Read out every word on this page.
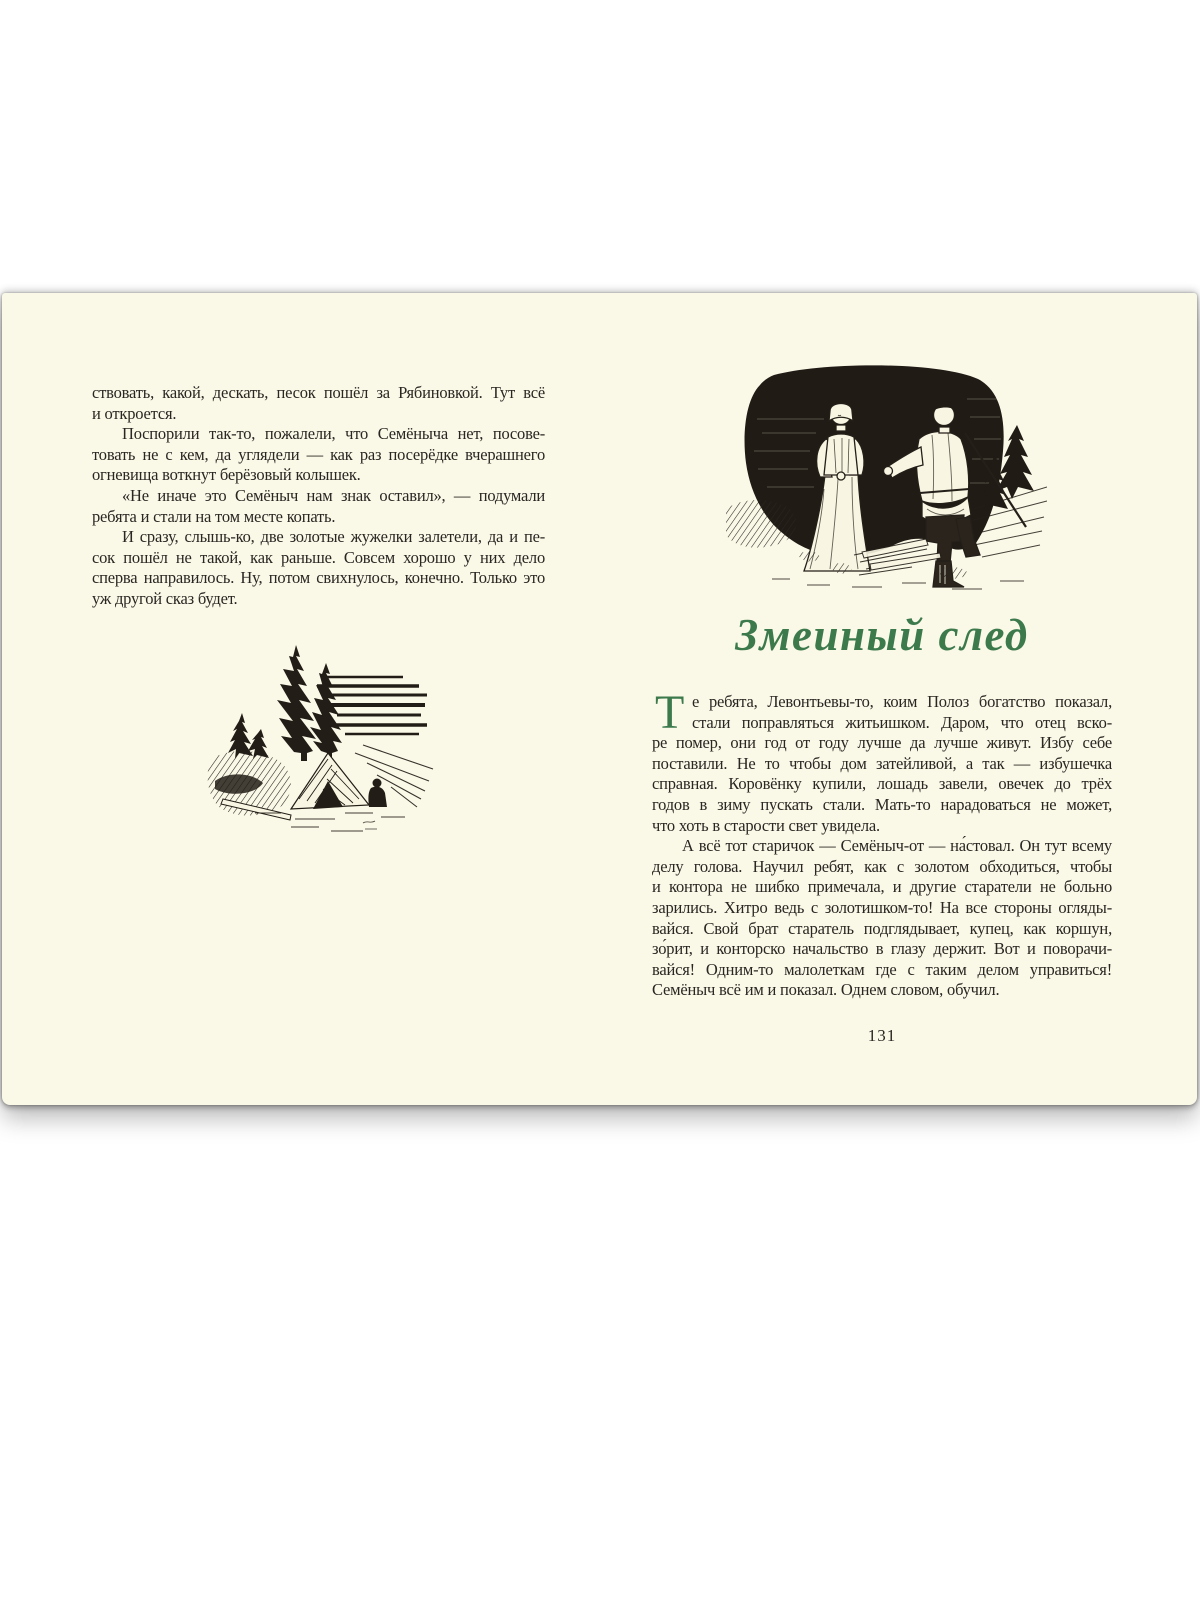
ствовать, какой, дескать, песок пошёл за Рябиновкой. Тут всё
и откроется.
Поспорили так-то, пожалели, что Семёныча нет, посове-
товать не с кем, да углядели — как раз посерёдке вчерашнего
огневища воткнут берёзовый колышек.
«Не иначе это Семёныч нам знак оставил», — подумали
ребята и стали на том месте копать.
И сразу, слышь-ко, две золотые жужелки залетели, да и пе-
сок пошёл не такой, как раньше. Совсем хорошо у них дело
сперва направилось. Ну, потом свихнулось, конечно. Только это
уж другой сказ будет.
Змеиный след
Т е ребята, Левонтьевы-то, коим Полоз богатство показал,
стали поправляться житьишком. Даром, что отец вско-
ре помер, они год от году лучше да лучше живут. Избу себе
поставили. Не то чтобы дом затейливой, а так — избушечка
справная. Коровёнку купили, лошадь завели, овечек до трёх
годов в зиму пускать стали. Мать-то нарадоваться не может,
что хоть в старости свет увидела.
А всё тот старичок — Семёныч-от — на́стовал. Он тут всему
делу голова. Научил ребят, как с золотом обходиться, чтобы
и контора не шибко примечала, и другие старатели не больно
зарились. Хитро ведь с золотишком-то! На все стороны огляды-
вайся. Свой брат старатель подглядывает, купец, как коршун,
зо́рит, и конторско начальство в глазу держит. Вот и поворачи-
вайся! Одним-то малолеткам где с таким делом управиться!
Семёныч всё им и показал. Однем словом, обучил.
131
